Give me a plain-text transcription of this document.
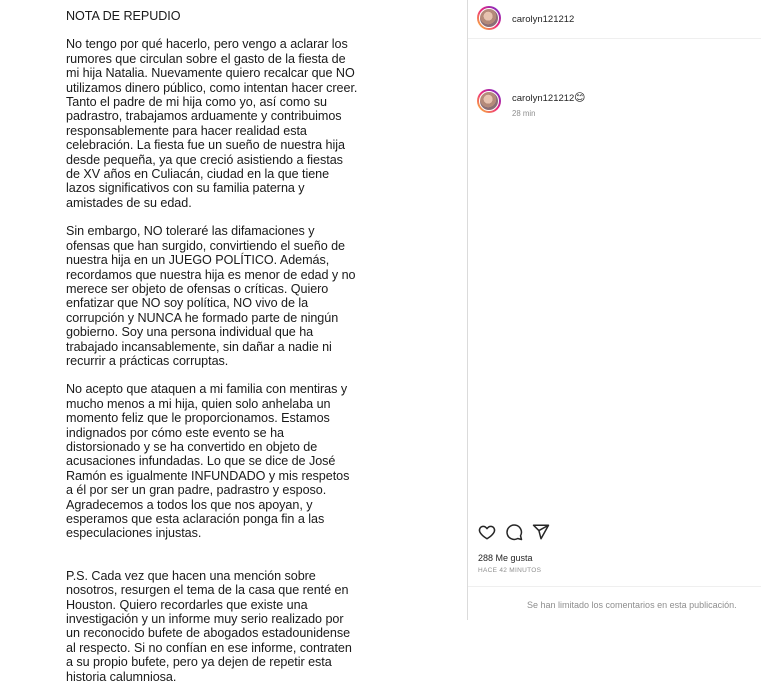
NOTA DE REPUDIO

No tengo por qué hacerlo, pero vengo a aclarar los rumores que circulan sobre el gasto de la fiesta de mi hija Natalia. Nuevamente quiero recalcar que NO utilizamos dinero público, como intentan hacer creer. Tanto el padre de mi hija como yo, así como su padrastro, trabajamos arduamente y contribuimos responsablemente para hacer realidad esta celebración. La fiesta fue un sueño de nuestra hija desde pequeña, ya que creció asistiendo a fiestas de XV años en Culiacán, ciudad en la que tiene lazos significativos con su familia paterna y amistades de su edad.

Sin embargo, NO toleraré las difamaciones y ofensas que han surgido, convirtiendo el sueño de nuestra hija en un JUEGO POLÍTICO. Además, recordamos que nuestra hija es menor de edad y no merece ser objeto de ofensas o críticas. Quiero enfatizar que NO soy política, NO vivo de la corrupción y NUNCA he formado parte de ningún gobierno. Soy una persona individual que ha trabajado incansablemente, sin dañar a nadie ni recurrir a prácticas corruptas.

No acepto que ataquen a mi familia con mentiras y mucho menos a mi hija, quien solo anhelaba un momento feliz que le proporcionamos. Estamos indignados por cómo este evento se ha distorsionado y se ha convertido en objeto de acusaciones infundadas. Lo que se dice de José Ramón es igualmente INFUNDADO y mis respetos a él por ser un gran padre, padrastro y esposo. Agradecemos a todos los que nos apoyan, y esperamos que esta aclaración ponga fin a las especulaciones injustas.

P.S. Cada vez que hacen una mención sobre nosotros, resurgen el tema de la casa que renté en Houston. Quiero recordarles que existe una investigación y un informe muy serio realizado por un reconocido bufete de abogados estadounidense al respecto. Si no confían en ese informe, contraten a su propio bufete, pero ya dejen de repetir esta historia calumniosa.

carolyn121212
carolyn121212 😊
28 min
288 Me gusta
HACE 42 MINUTOS
Se han limitado los comentarios en esta publicación.
